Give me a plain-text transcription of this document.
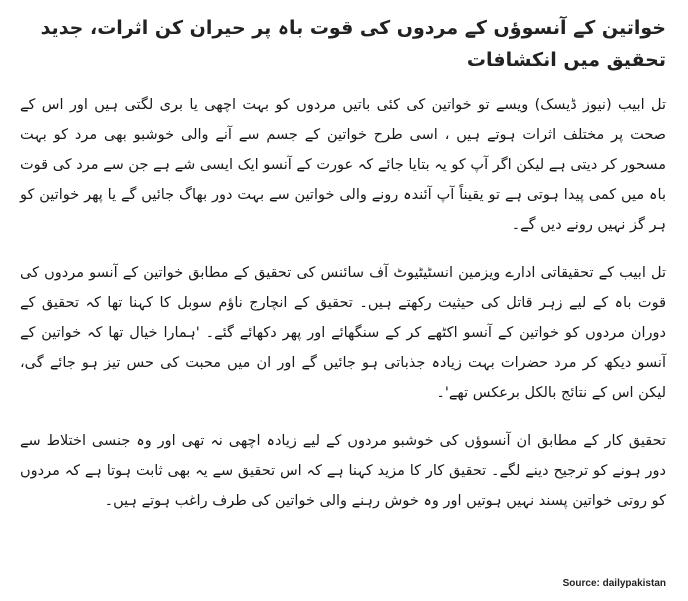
خواتین کے آنسوؤں کے مردوں کی قوت باہ پر حیران کن اثرات، جدید تحقیق میں انکشافات

تل ابیب (نیوز ڈیسک) ویسے تو خواتین کی کئی باتیں مردوں کو بہت اچھی یا بری لگتی ہیں اور اس کے صحت پر مختلف اثرات ہوتے ہیں ، اسی طرح خواتین کے جسم سے آنے والی خوشبو بھی مرد کو بہت مسحور کر دیتی ہے لیکن اگر آپ کو یہ بتایا جائے کہ عورت کے آنسو ایک ایسی شے ہے جن سے مرد کی قوت باہ میں کمی پیدا ہوتی ہے تو یقیناً آپ آئندہ رونے والی خواتین سے بہت دور بھاگ جائیں گے یا پھر خواتین کو ہر گز نہیں رونے دیں گے۔

تل ابیب کے تحقیقاتی ادارے ویزمین انسٹیٹیوٹ آف سائنس کی تحقیق کے مطابق خواتین کے آنسو مردوں کی قوت باہ کے لیے زہر قاتل کی حیثیت رکھتے ہیں۔ تحقیق کے انچارج ناؤم سوبل کا کہنا تھا کہ تحقیق کے دوران مردوں کو خواتین کے آنسو اکٹھے کر کے سنگھائے اور پھر دکھائے گئے۔ 'ہمارا خیال تھا کہ خواتین کے آنسو دیکھ کر مرد حضرات بہت زیادہ جذباتی ہو جائیں گے اور ان میں محبت کی حس تیز ہو جائے گی، لیکن اس کے نتائج بالکل برعکس تھے'۔

تحقیق کار کے مطابق ان آنسوؤں کی خوشبو مردوں کے لیے زیادہ اچھی نہ تھی اور وہ جنسی اختلاط سے دور ہونے کو ترجیح دینے لگے۔ تحقیق کار کا مزید کہنا ہے کہ اس تحقیق سے یہ بھی ثابت ہوتا ہے کہ مردوں کو روتی خواتین پسند نہیں ہوتیں اور وہ خوش رہنے والی خواتین کی طرف راغب ہوتے ہیں۔

Source: dailypakistan
